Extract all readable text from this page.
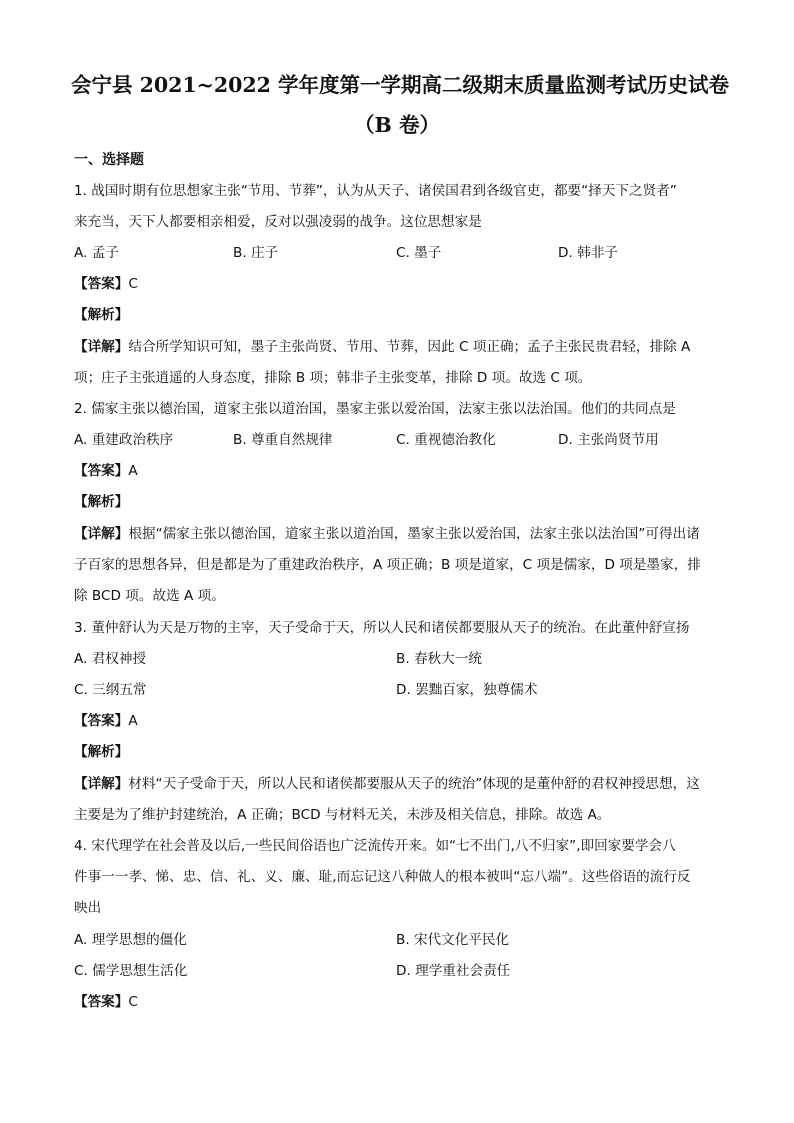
会宁县 2021~2022 学年度第一学期高二级期末质量监测考试历史试卷
（B 卷）
一、选择题
1. 战国时期有位思想家主张“节用、节葬”，认为从天子、诸侯国君到各级官吏，都要“择天下之贤者”
来充当，天下人都要相亲相爱，反对以强凌弱的战争。这位思想家是
A. 孟子	B. 庄子	C. 墨子	D. 韩非子
【答案】C
【解析】
【详解】结合所学知识可知，墨子主张尚贤、节用、节葬，因此 C 项正确；孟子主张民贵君轻，排除 A
项；庄子主张逍遥的人身态度，排除 B 项；韩非子主张变革，排除 D 项。故选 C 项。
2. 儒家主张以德治国，道家主张以道治国，墨家主张以爱治国，法家主张以法治国。他们的共同点是
A. 重建政治秩序	B. 尊重自然规律	C. 重视德治教化	D. 主张尚贤节用
【答案】A
【解析】
【详解】根据“儒家主张以德治国，道家主张以道治国，墨家主张以爱治国，法家主张以法治国”可得出诸
子百家的思想各异，但是都是为了重建政治秩序，A 项正确；B 项是道家，C 项是儒家，D 项是墨家，排
除 BCD 项。故选 A 项。
3. 董仲舒认为天是万物的主宰，天子受命于天，所以人民和诸侯都要服从天子的统治。在此董仲舒宣扬
A. 君权神授	B. 春秋大一统
C. 三纲五常	D. 罢黜百家，独尊儒术
【答案】A
【解析】
【详解】材料“天子受命于天，所以人民和诸侯都要服从天子的统治”体现的是董仲舒的君权神授思想，这
主要是为了维护封建统治，A 正确；BCD 与材料无关，未涉及相关信息，排除。故选 A。
4. 宋代理学在社会普及以后,一些民间俗语也广泛流传开来。如“七不出门,八不归家”,即回家要学会八
件事一一孝、悌、忠、信、礼、义、廉、耻,而忘记这八种做人的根本被叫“忘八端”。这些俗语的流行反
映出
A. 理学思想的僵化	B. 宋代文化平民化
C. 儒学思想生活化	D. 理学重社会责任
【答案】C
